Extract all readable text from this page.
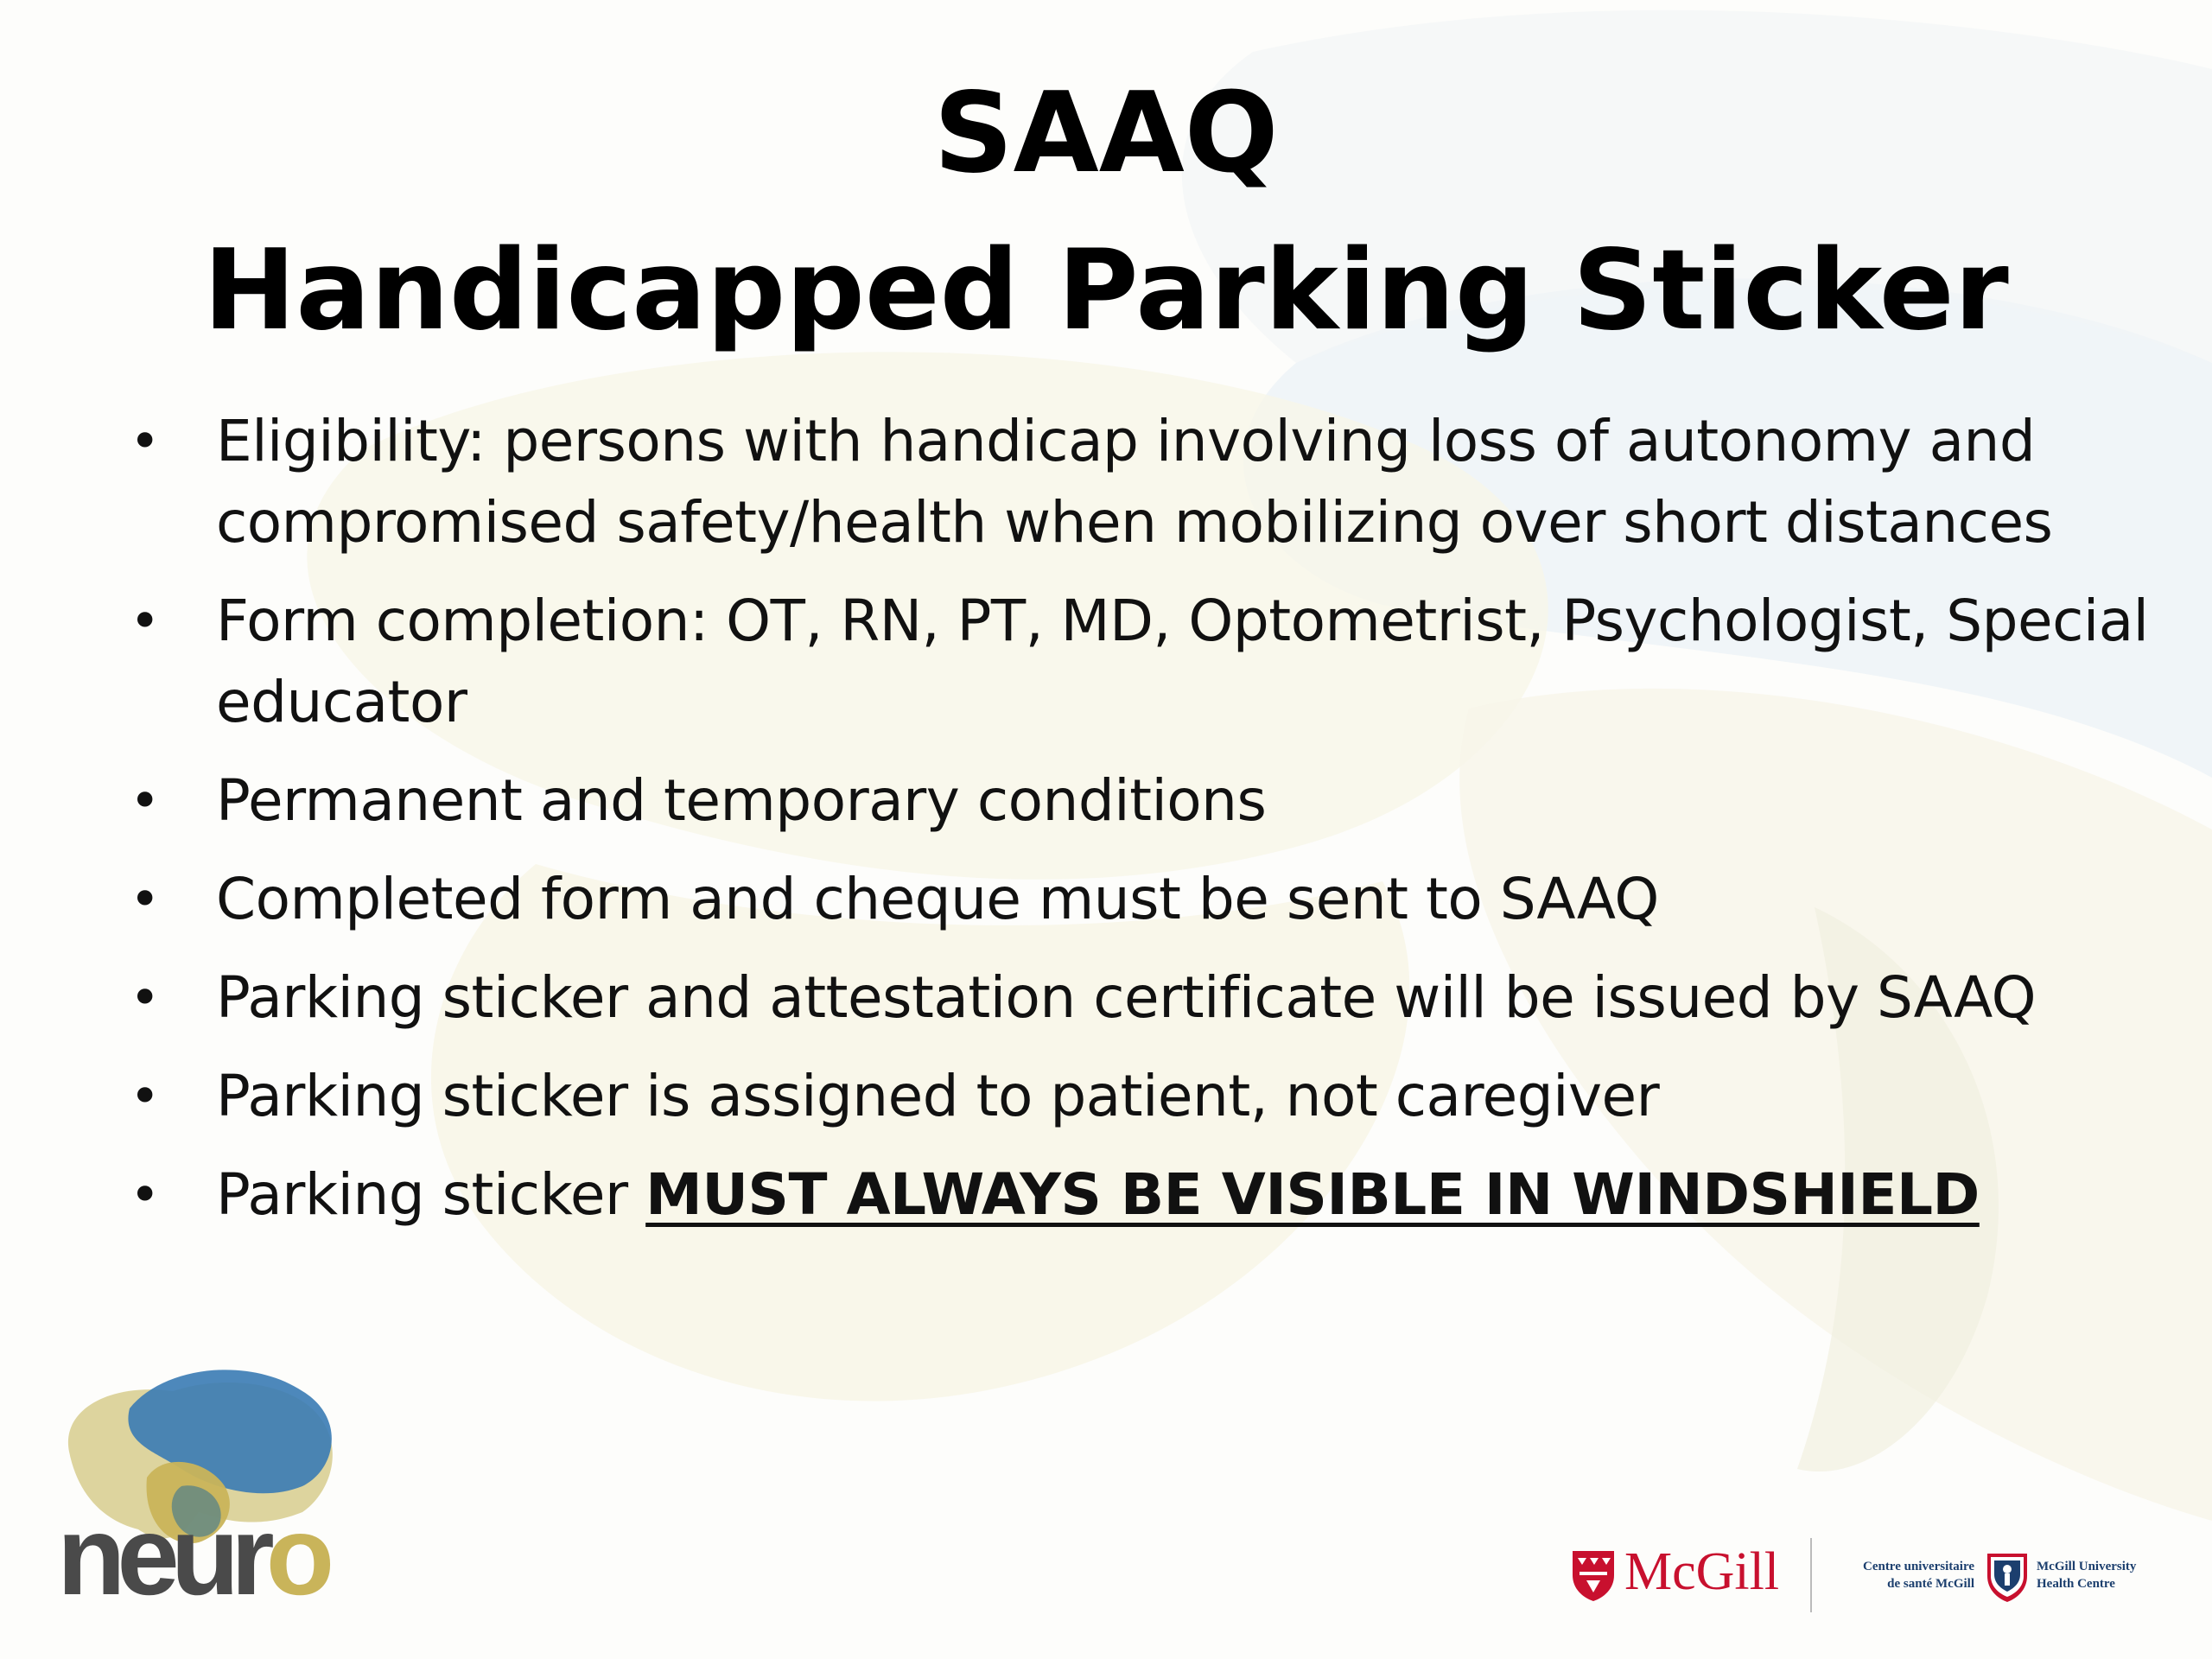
SAAQ
Handicapped Parking Sticker
• Eligibility: persons with handicap involving loss of autonomy and compromised safety/health when mobilizing over short distances
• Form completion: OT, RN, PT, MD, Optometrist, Psychologist, Special educator
• Permanent and temporary conditions
• Completed form and cheque must be sent to SAAQ
• Parking sticker and attestation certificate will be issued by SAAQ
• Parking sticker is assigned to patient, not caregiver
• Parking sticker MUST ALWAYS BE VISIBLE IN WINDSHIELD
neuro	McGill	Centre universitaire
de santé McGill
McGill University
Health Centre
